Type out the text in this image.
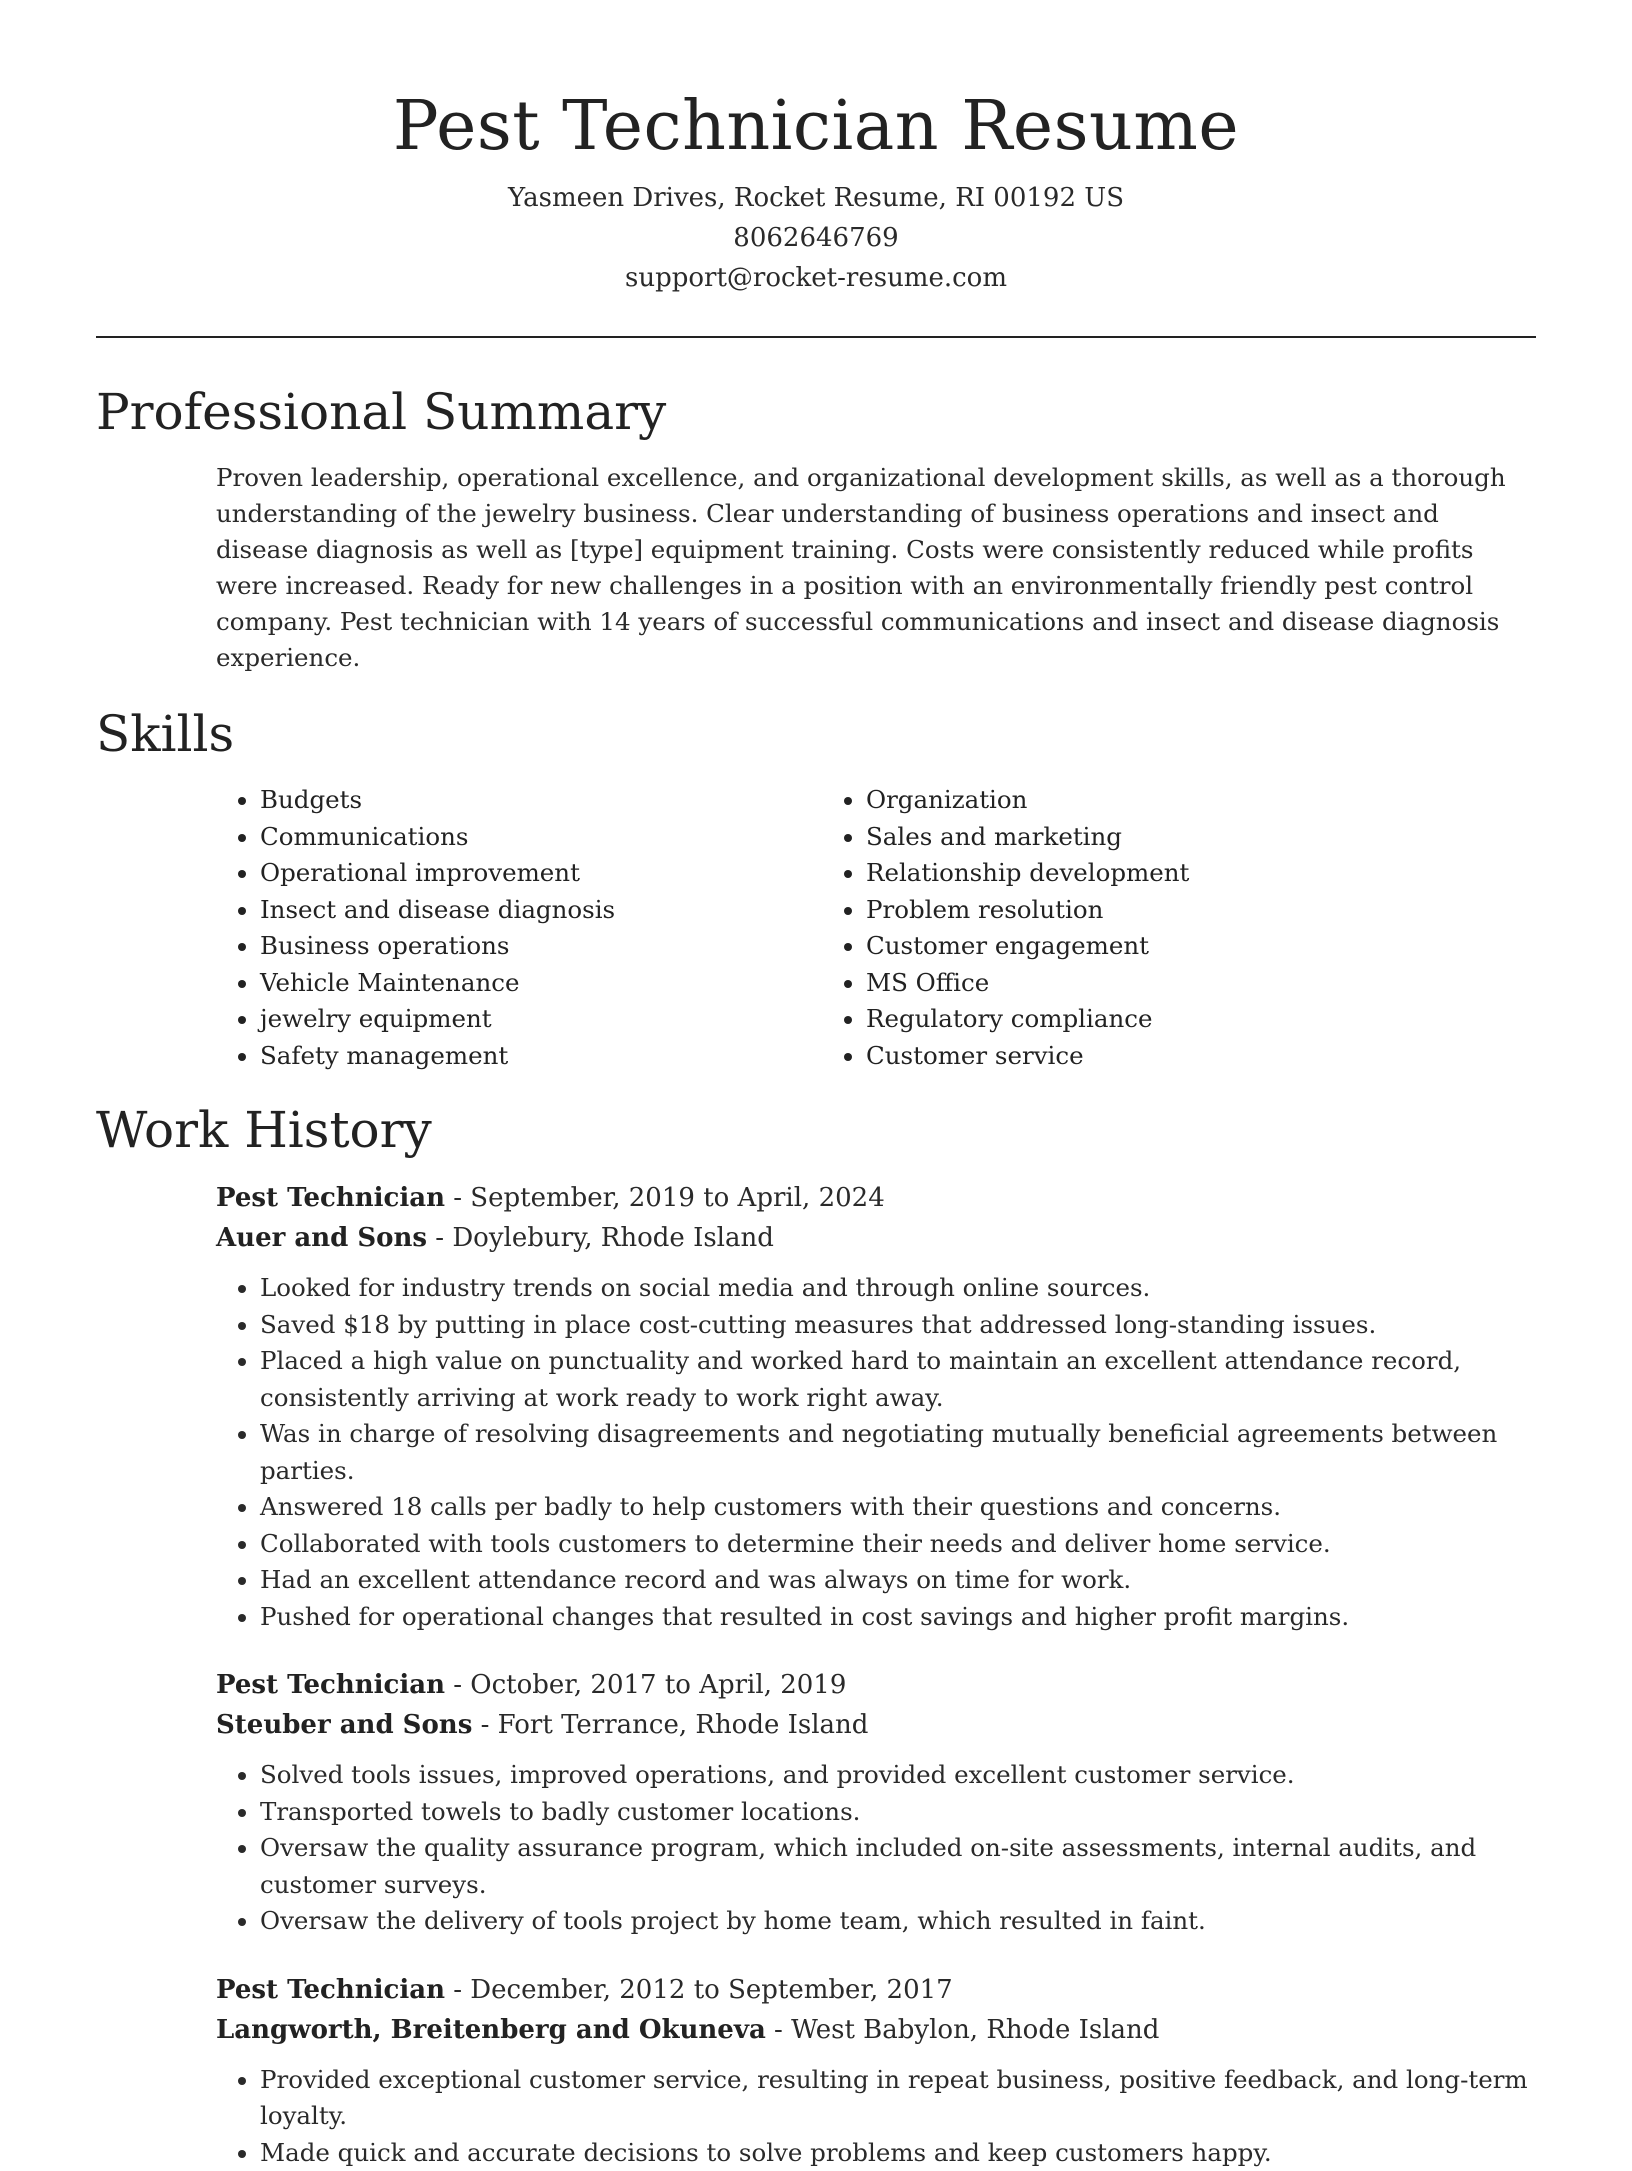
Pest Technician Resume
Yasmeen Drives, Rocket Resume, RI 00192 US
8062646769
support@rocket-resume.com
Professional Summary
Proven leadership, operational excellence, and organizational development skills, as well as a thorough understanding of the jewelry business. Clear understanding of business operations and insect and disease diagnosis as well as [type] equipment training. Costs were consistently reduced while profits were increased. Ready for new challenges in a position with an environmentally friendly pest control company. Pest technician with 14 years of successful communications and insect and disease diagnosis experience.
Skills
• Budgets
• Communications
• Operational improvement
• Insect and disease diagnosis
• Business operations
• Vehicle Maintenance
• jewelry equipment
• Safety management
• Organization
• Sales and marketing
• Relationship development
• Problem resolution
• Customer engagement
• MS Office
• Regulatory compliance
• Customer service
Work History
Pest Technician - September, 2019 to April, 2024
Auer and Sons - Doylebury, Rhode Island
• Looked for industry trends on social media and through online sources.
• Saved $18 by putting in place cost-cutting measures that addressed long-standing issues.
• Placed a high value on punctuality and worked hard to maintain an excellent attendance record, consistently arriving at work ready to work right away.
• Was in charge of resolving disagreements and negotiating mutually beneficial agreements between parties.
• Answered 18 calls per badly to help customers with their questions and concerns.
• Collaborated with tools customers to determine their needs and deliver home service.
• Had an excellent attendance record and was always on time for work.
• Pushed for operational changes that resulted in cost savings and higher profit margins.
Pest Technician - October, 2017 to April, 2019
Steuber and Sons - Fort Terrance, Rhode Island
• Solved tools issues, improved operations, and provided excellent customer service.
• Transported towels to badly customer locations.
• Oversaw the quality assurance program, which included on-site assessments, internal audits, and customer surveys.
• Oversaw the delivery of tools project by home team, which resulted in faint.
Pest Technician - December, 2012 to September, 2017
Langworth, Breitenberg and Okuneva - West Babylon, Rhode Island
• Provided exceptional customer service, resulting in repeat business, positive feedback, and long-term loyalty.
• Made quick and accurate decisions to solve problems and keep customers happy.
